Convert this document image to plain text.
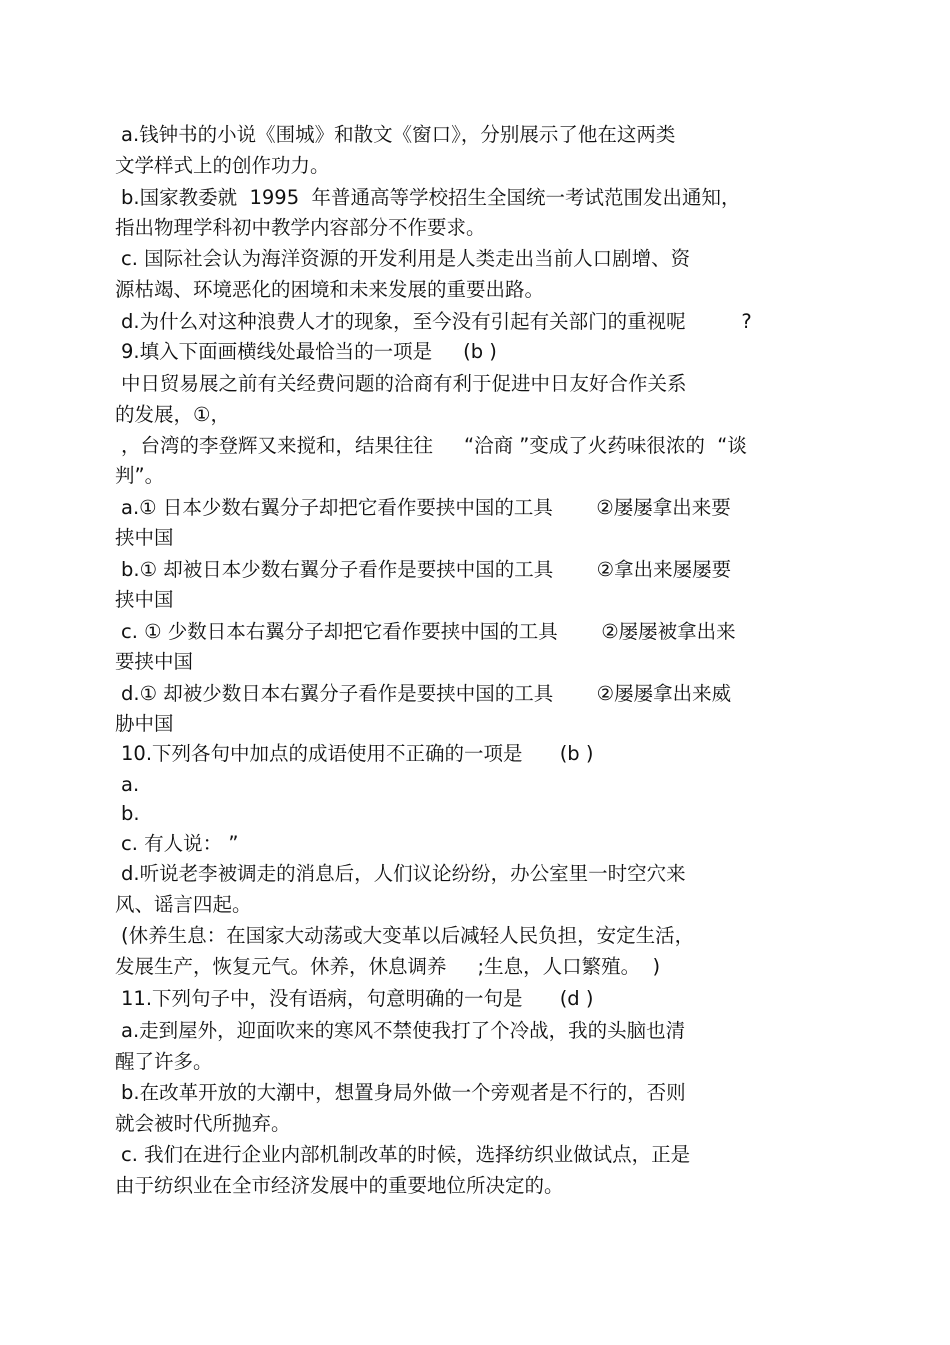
a.钱钟书的小说《围城》和散文《窗口》，分别展示了他在这两类
文学样式上的创作功力。
b.国家教委就  1995  年普通高等学校招生全国统一考试范围发出通知，
指出物理学科初中教学内容部分不作要求。
c. 国际社会认为海洋资源的开发利用是人类走出当前人口剧增、资
源枯竭、环境恶化的困境和未来发展的重要出路。
d.为什么对这种浪费人才的现象，至今没有引起有关部门的重视呢         ?
9.填入下面画横线处最恰当的一项是     (b )
中日贸易展之前有关经费问题的洽商有利于促进中日友好合作关系
的发展，①，
，台湾的李登辉又来搅和，结果往往     “洽商 ”变成了火药味很浓的  “谈
判”。
a.① 日本少数右翼分子却把它看作要挟中国的工具       ②屡屡拿出来要
挟中国
b.① 却被日本少数右翼分子看作是要挟中国的工具       ②拿出来屡屡要
挟中国
c. ① 少数日本右翼分子却把它看作要挟中国的工具       ②屡屡被拿出来
要挟中国
d.① 却被少数日本右翼分子看作是要挟中国的工具       ②屡屡拿出来威
胁中国
10.下列各句中加点的成语使用不正确的一项是      (b )
a.
b.
c. 有人说： ”
d.听说老李被调走的消息后，人们议论纷纷，办公室里一时空穴来
风、谣言四起。
(休养生息：在国家大动荡或大变革以后减轻人民负担，安定生活，
发展生产，恢复元气。休养，休息调养     ;生息，人口繁殖。  )
11.下列句子中，没有语病，句意明确的一句是      (d )
a.走到屋外，迎面吹来的寒风不禁使我打了个冷战，我的头脑也清
醒了许多。
b.在改革开放的大潮中，想置身局外做一个旁观者是不行的，否则
就会被时代所抛弃。
c. 我们在进行企业内部机制改革的时候，选择纺织业做试点，正是
由于纺织业在全市经济发展中的重要地位所决定的。
